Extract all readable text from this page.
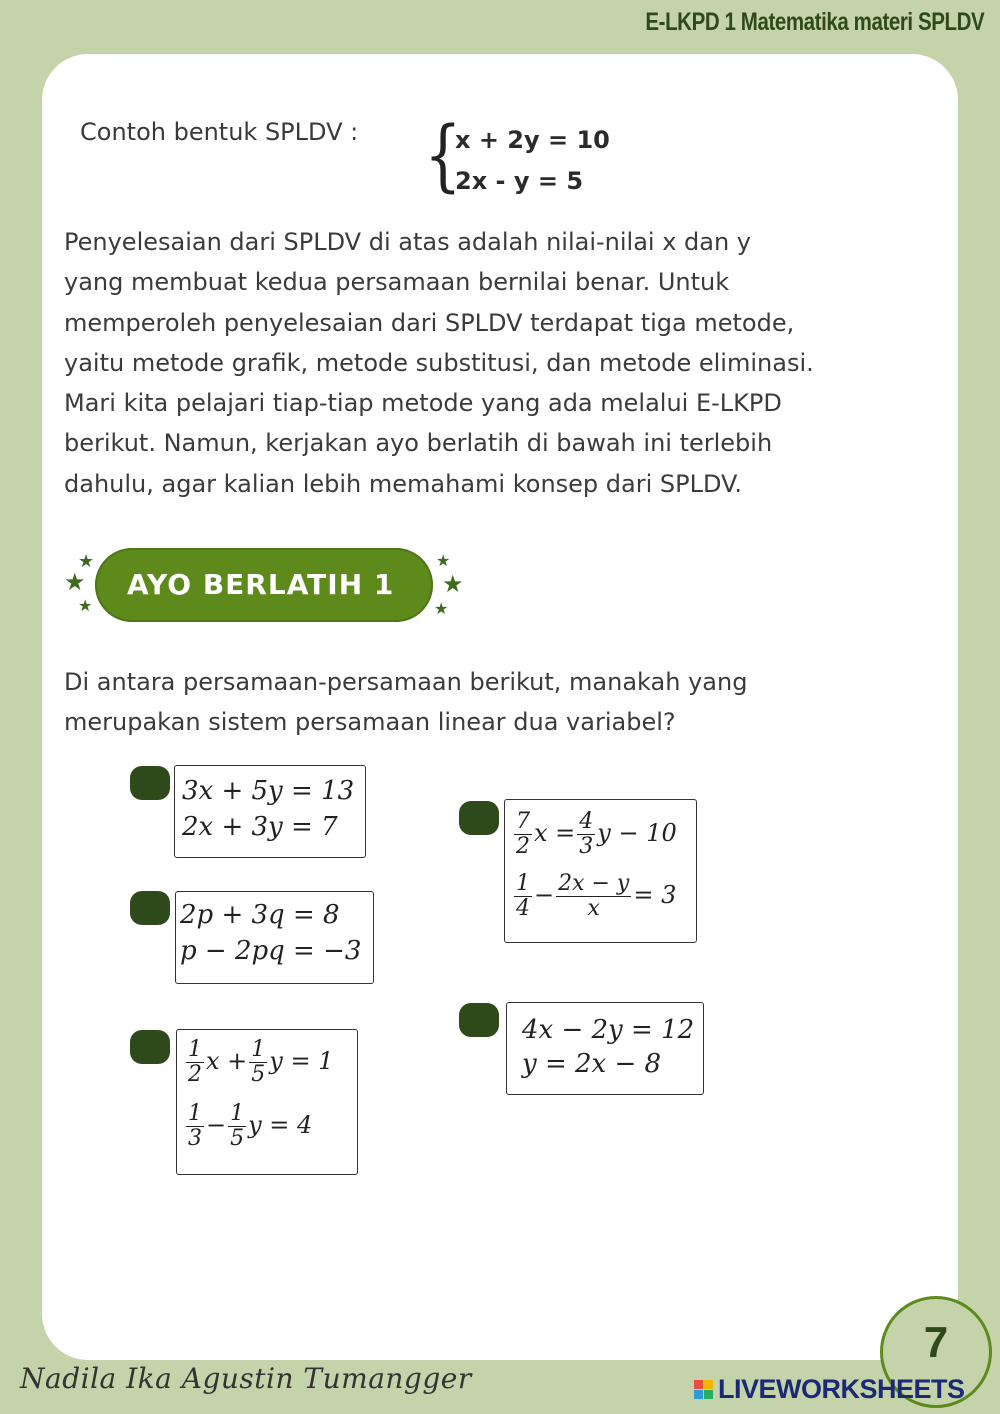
E-LKPD 1 Matematika materi SPLDV
Contoh bentuk SPLDV : {
x + 2y = 10
2x - y = 5
Penyelesaian dari SPLDV di atas adalah nilai-nilai x dan y
yang membuat kedua persamaan bernilai benar. Untuk
memperoleh penyelesaian dari SPLDV terdapat tiga metode,
yaitu metode grafik, metode substitusi, dan metode eliminasi.
Mari kita pelajari tiap-tiap metode yang ada melalui E-LKPD
berikut. Namun, kerjakan ayo berlatih di bawah ini terlebih
dahulu, agar kalian lebih memahami konsep dari SPLDV.
★
★
★
AYO BERLATIH 1
★
★
★
Di antara persamaan-persamaan berikut, manakah yang
merupakan sistem persamaan linear dua variabel?
3x + 5y = 13
2x + 3y = 7
2p + 3q = 8
p − 2pq = −3
$\frac{1}{2}$ $x + \frac{1}{5}$ y = 1
$\frac{1}{3} - \frac{1}{5}$ y = 4
$\frac{7}{2}$ $x = \frac{4}{3}$ y − 10
$\frac{1}{4} - \frac{2x - y}{x} = 3$
4x − 2y = 12
y = 2x − 8
7
Nadila Ika Agustin Tumangger	LIVEWORKSHEETS
